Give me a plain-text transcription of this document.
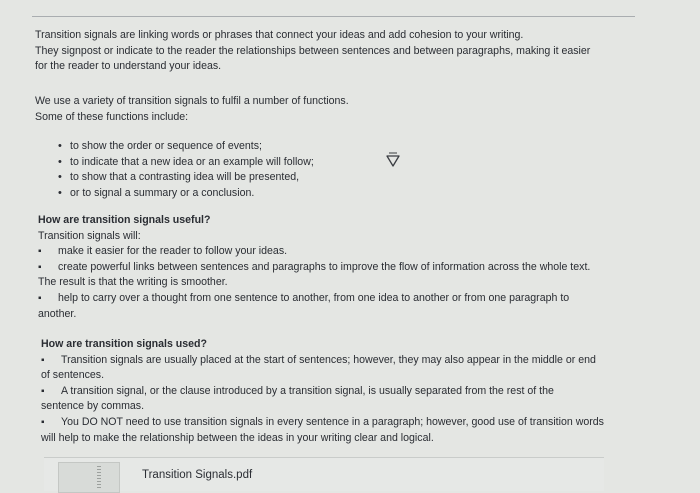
Transition signals are linking words or phrases that connect your ideas and add cohesion to your writing.
They signpost or indicate to the reader the relationships between sentences and between paragraphs, making it easier
for the reader to understand your ideas.
We use a variety of transition signals to fulfil a number of functions.
Some of these functions include:
• to show the order or sequence of events;
• to indicate that a new idea or an example will follow;
• to show that a contrasting idea will be presented,
• or to signal a summary or a conclusion.
How are transition signals useful?
Transition signals will:
▪ make it easier for the reader to follow your ideas.
▪ create powerful links between sentences and paragraphs to improve the flow of information across the whole text.
The result is that the writing is smoother.
▪ help to carry over a thought from one sentence to another, from one idea to another or from one paragraph to
another.
How are transition signals used?
▪ Transition signals are usually placed at the start of sentences; however, they may also appear in the middle or end
of sentences.
▪ A transition signal, or the clause introduced by a transition signal, is usually separated from the rest of the
sentence by commas.
▪ You DO NOT need to use transition signals in every sentence in a paragraph; however, good use of transition words
will help to make the relationship between the ideas in your writing clear and logical.
Transition Signals.pdf
